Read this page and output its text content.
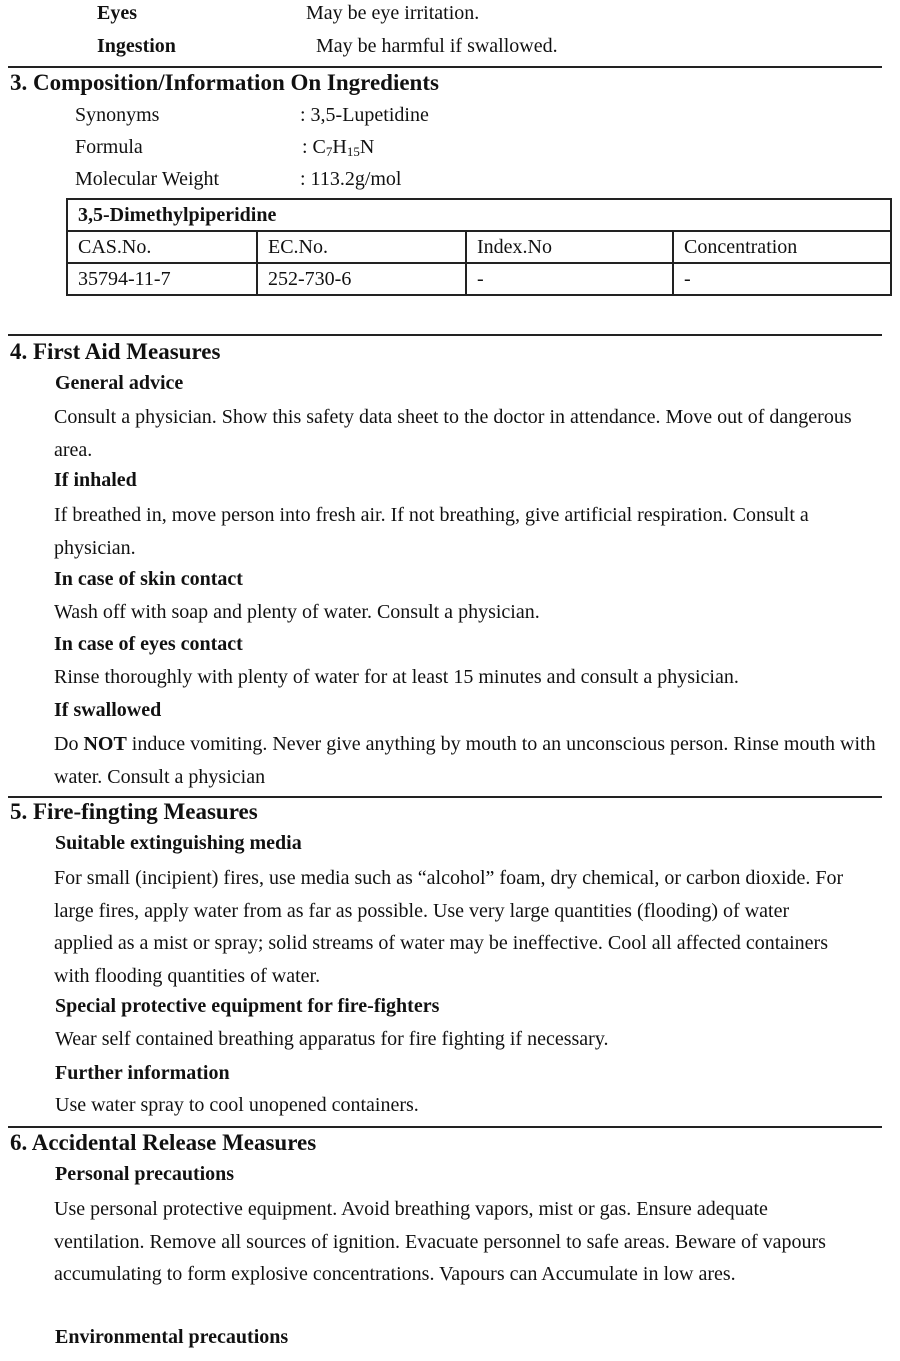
Eyes	May be eye irritation.
Ingestion	May be harmful if swallowed.
3. Composition/Information On Ingredients
Synonyms	: 3,5-Lupetidine
Formula	: $C_7H_{15}N$
Molecular Weight	: 113.2g/mol
3,5-Dimethylpiperidine			
CAS.No.	EC.No.	Index.No	Concentration
35794-11-7	252-730-6	-	-
4. First Aid Measures
General advice
Consult a physician. Show this safety data sheet to the doctor in attendance. Move out of dangerous area.
If inhaled
If breathed in, move person into fresh air. If not breathing, give artificial respiration. Consult a physician.
In case of skin contact
Wash off with soap and plenty of water. Consult a physician.
In case of eyes contact
Rinse thoroughly with plenty of water for at least 15 minutes and consult a physician.
If swallowed
Do NOT induce vomiting. Never give anything by mouth to an unconscious person. Rinse mouth with water. Consult a physician
5. Fire-fingting Measures
Suitable extinguishing media
For small (incipient) fires, use media such as “alcohol” foam, dry chemical, or carbon dioxide. For large fires, apply water from as far as possible. Use very large quantities (flooding) of water applied as a mist or spray; solid streams of water may be ineffective. Cool all affected containers with flooding quantities of water.
Special protective equipment for fire-fighters
Wear self contained breathing apparatus for fire fighting if necessary.
Further information
Use water spray to cool unopened containers.
6. Accidental Release Measures
Personal precautions
Use personal protective equipment. Avoid breathing vapors, mist or gas. Ensure adequate ventilation. Remove all sources of ignition. Evacuate personnel to safe areas. Beware of vapours accumulating to form explosive concentrations. Vapours can Accumulate in low ares.
Environmental precautions
